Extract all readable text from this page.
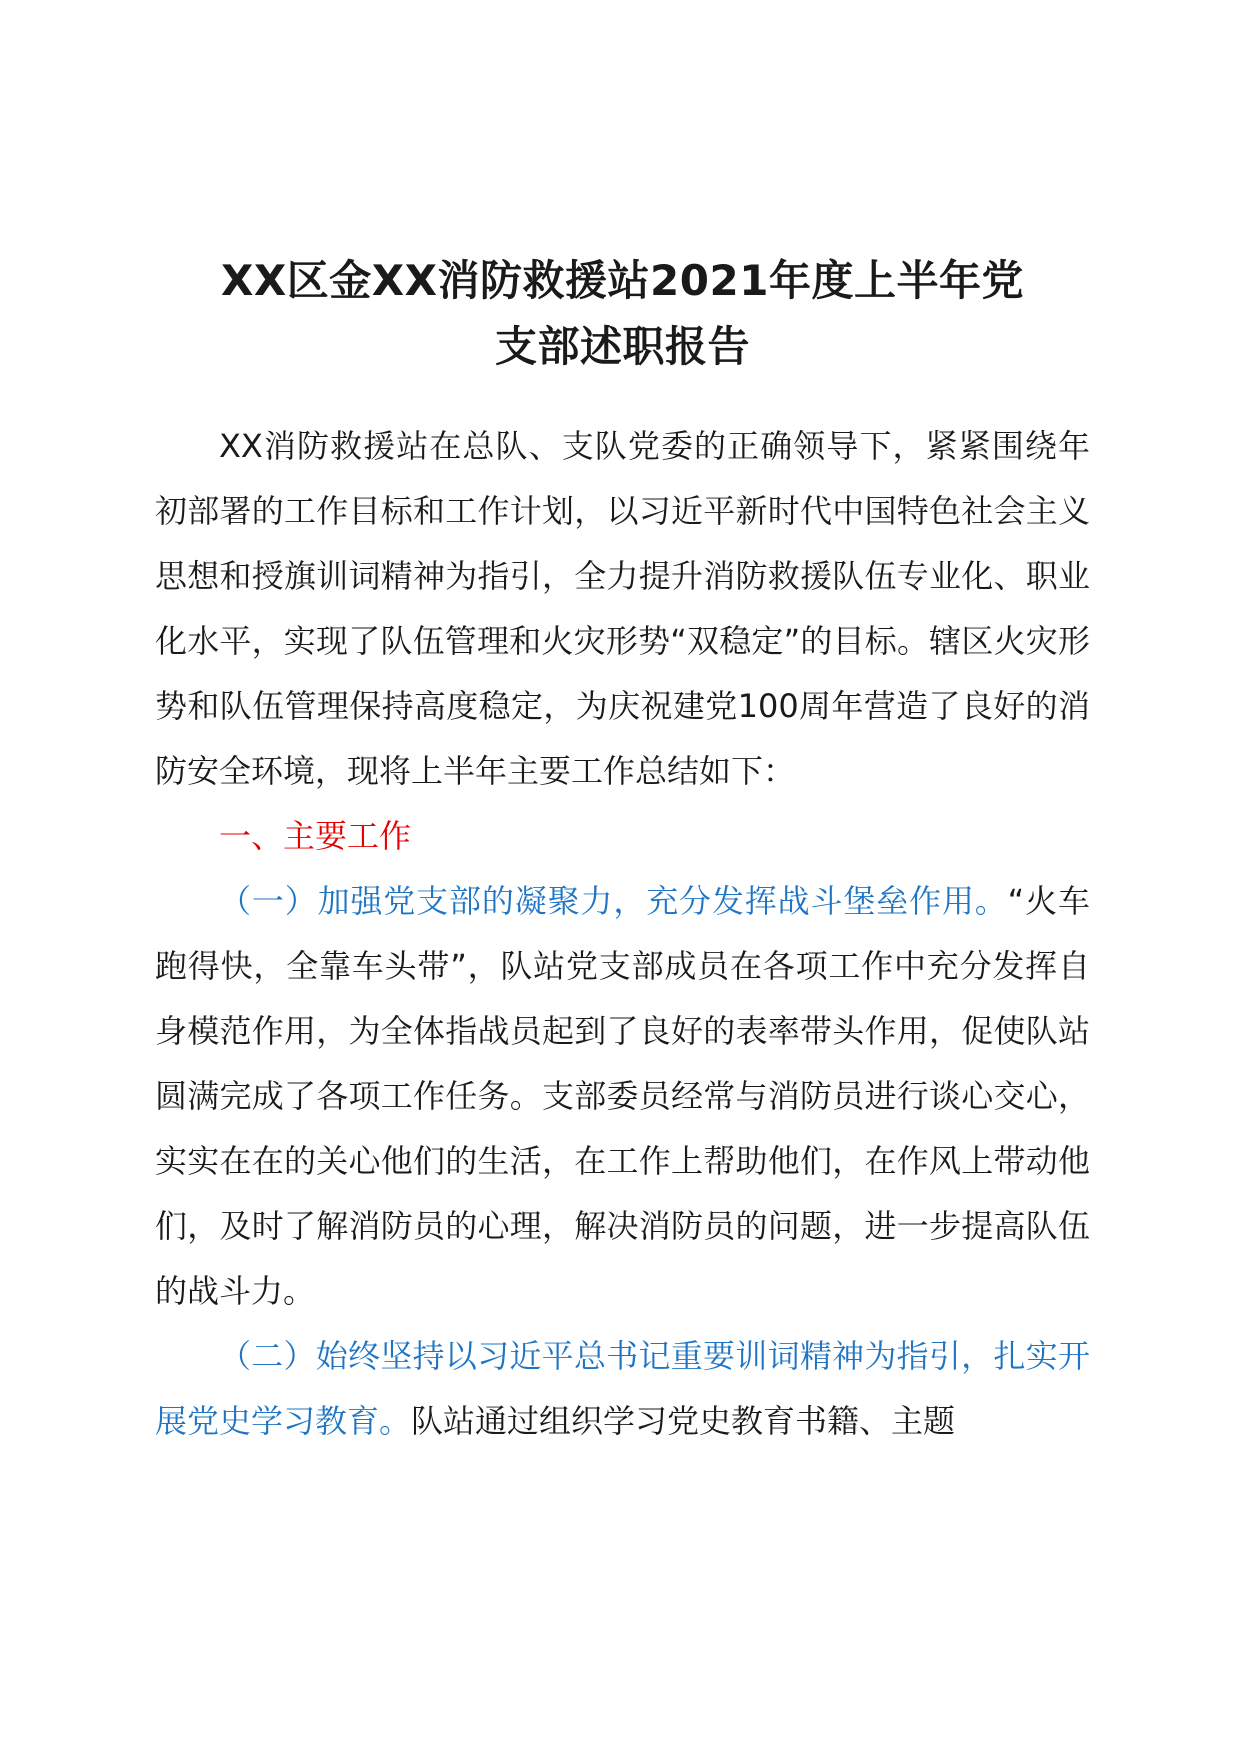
XX区金XX消防救援站2021年度上半年党
支部述职报告

XX消防救援站在总队、支队党委的正确领导下，紧紧围绕年初部署的工作目标和工作计划，以习近平新时代中国特色社会主义思想和授旗训词精神为指引，全力提升消防救援队伍专业化、职业化水平，实现了队伍管理和火灾形势“双稳定”的目标。辖区火灾形势和队伍管理保持高度稳定，为庆祝建党100周年营造了良好的消防安全环境，现将上半年主要工作总结如下：

一、主要工作

（一）加强党支部的凝聚力，充分发挥战斗堡垒作用。“火车跑得快，全靠车头带”，队站党支部成员在各项工作中充分发挥自身模范作用，为全体指战员起到了良好的表率带头作用，促使队站圆满完成了各项工作任务。支部委员经常与消防员进行谈心交心，实实在在的关心他们的生活，在工作上帮助他们，在作风上带动他们，及时了解消防员的心理，解决消防员的问题，进一步提高队伍的战斗力。

（二）始终坚持以习近平总书记重要训词精神为指引，扎实开展党史学习教育。队站通过组织学习党史教育书籍、主题
